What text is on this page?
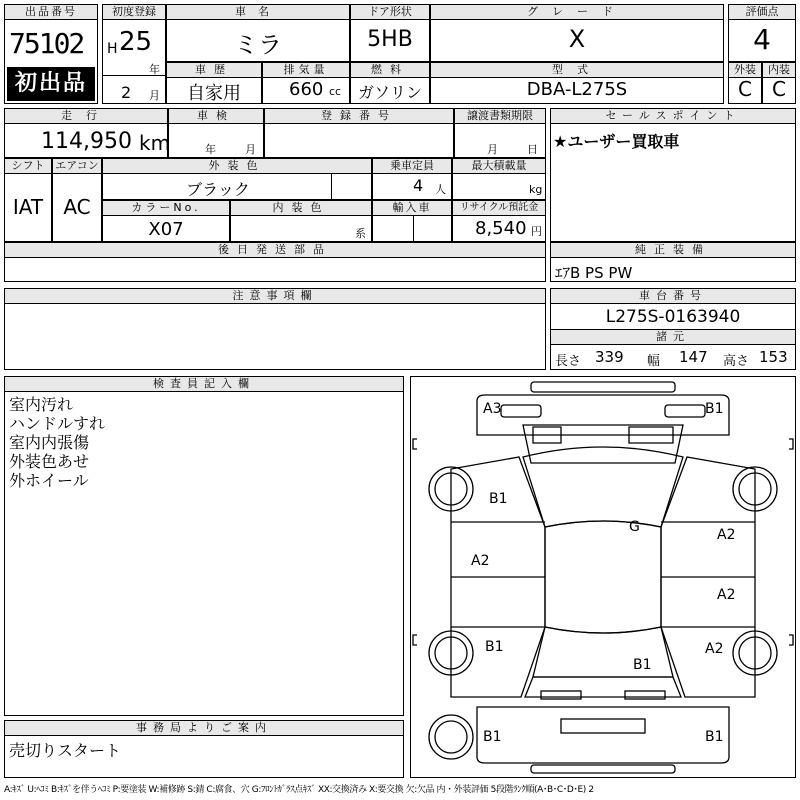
出品番号
75102
初出品
初度登録
H 25
年
2 月
車名
ミラ
ドア形状
5HB
グレード
X
評価点
4
車歴
自家用
排気量
660 cc
燃料
ガソリン
型式
DBA-L275S
外装
C
内装
C
走行
114,950 km
車検
年	月
登録番号	譲渡書類期限
月	日
シフト
IAT
エアコン
AC
外装色
ブラック
乗車定員
4 人
最大積載量
kg
カラーNo.
X07
内装色
系
輸入車	リサイクル預託金
8,540 円
後日発送部品
セールスポイント
★ユーザー買取車
純正装備
ｴｱB PS PW
注意事項欄	車台番号
L275S-0163940
諸元
長さ 339 幅 147 高さ 153
検査員記入欄
室内汚れ
ハンドルすれ
室内内張傷
外装色あせ
外ホイール
事務局よりご案内
売切りスタート
A3	B1
B1
G	A2
A2
A2
B1
B1
A2
B1	B1
A:ｷｽﾞ U:ﾍｺﾐ B:ｷｽﾞを伴うﾍｺﾐ P:要塗装 W:補修跡 S:錆 C:腐食、穴 G:ﾌﾛﾝﾄｶﾞﾗｽ点ｷｽﾞ XX:交換済み X:要交換 欠:欠品 内・外装評価 5段階ﾗﾝｸ順(A･B･C･D･E) 2
